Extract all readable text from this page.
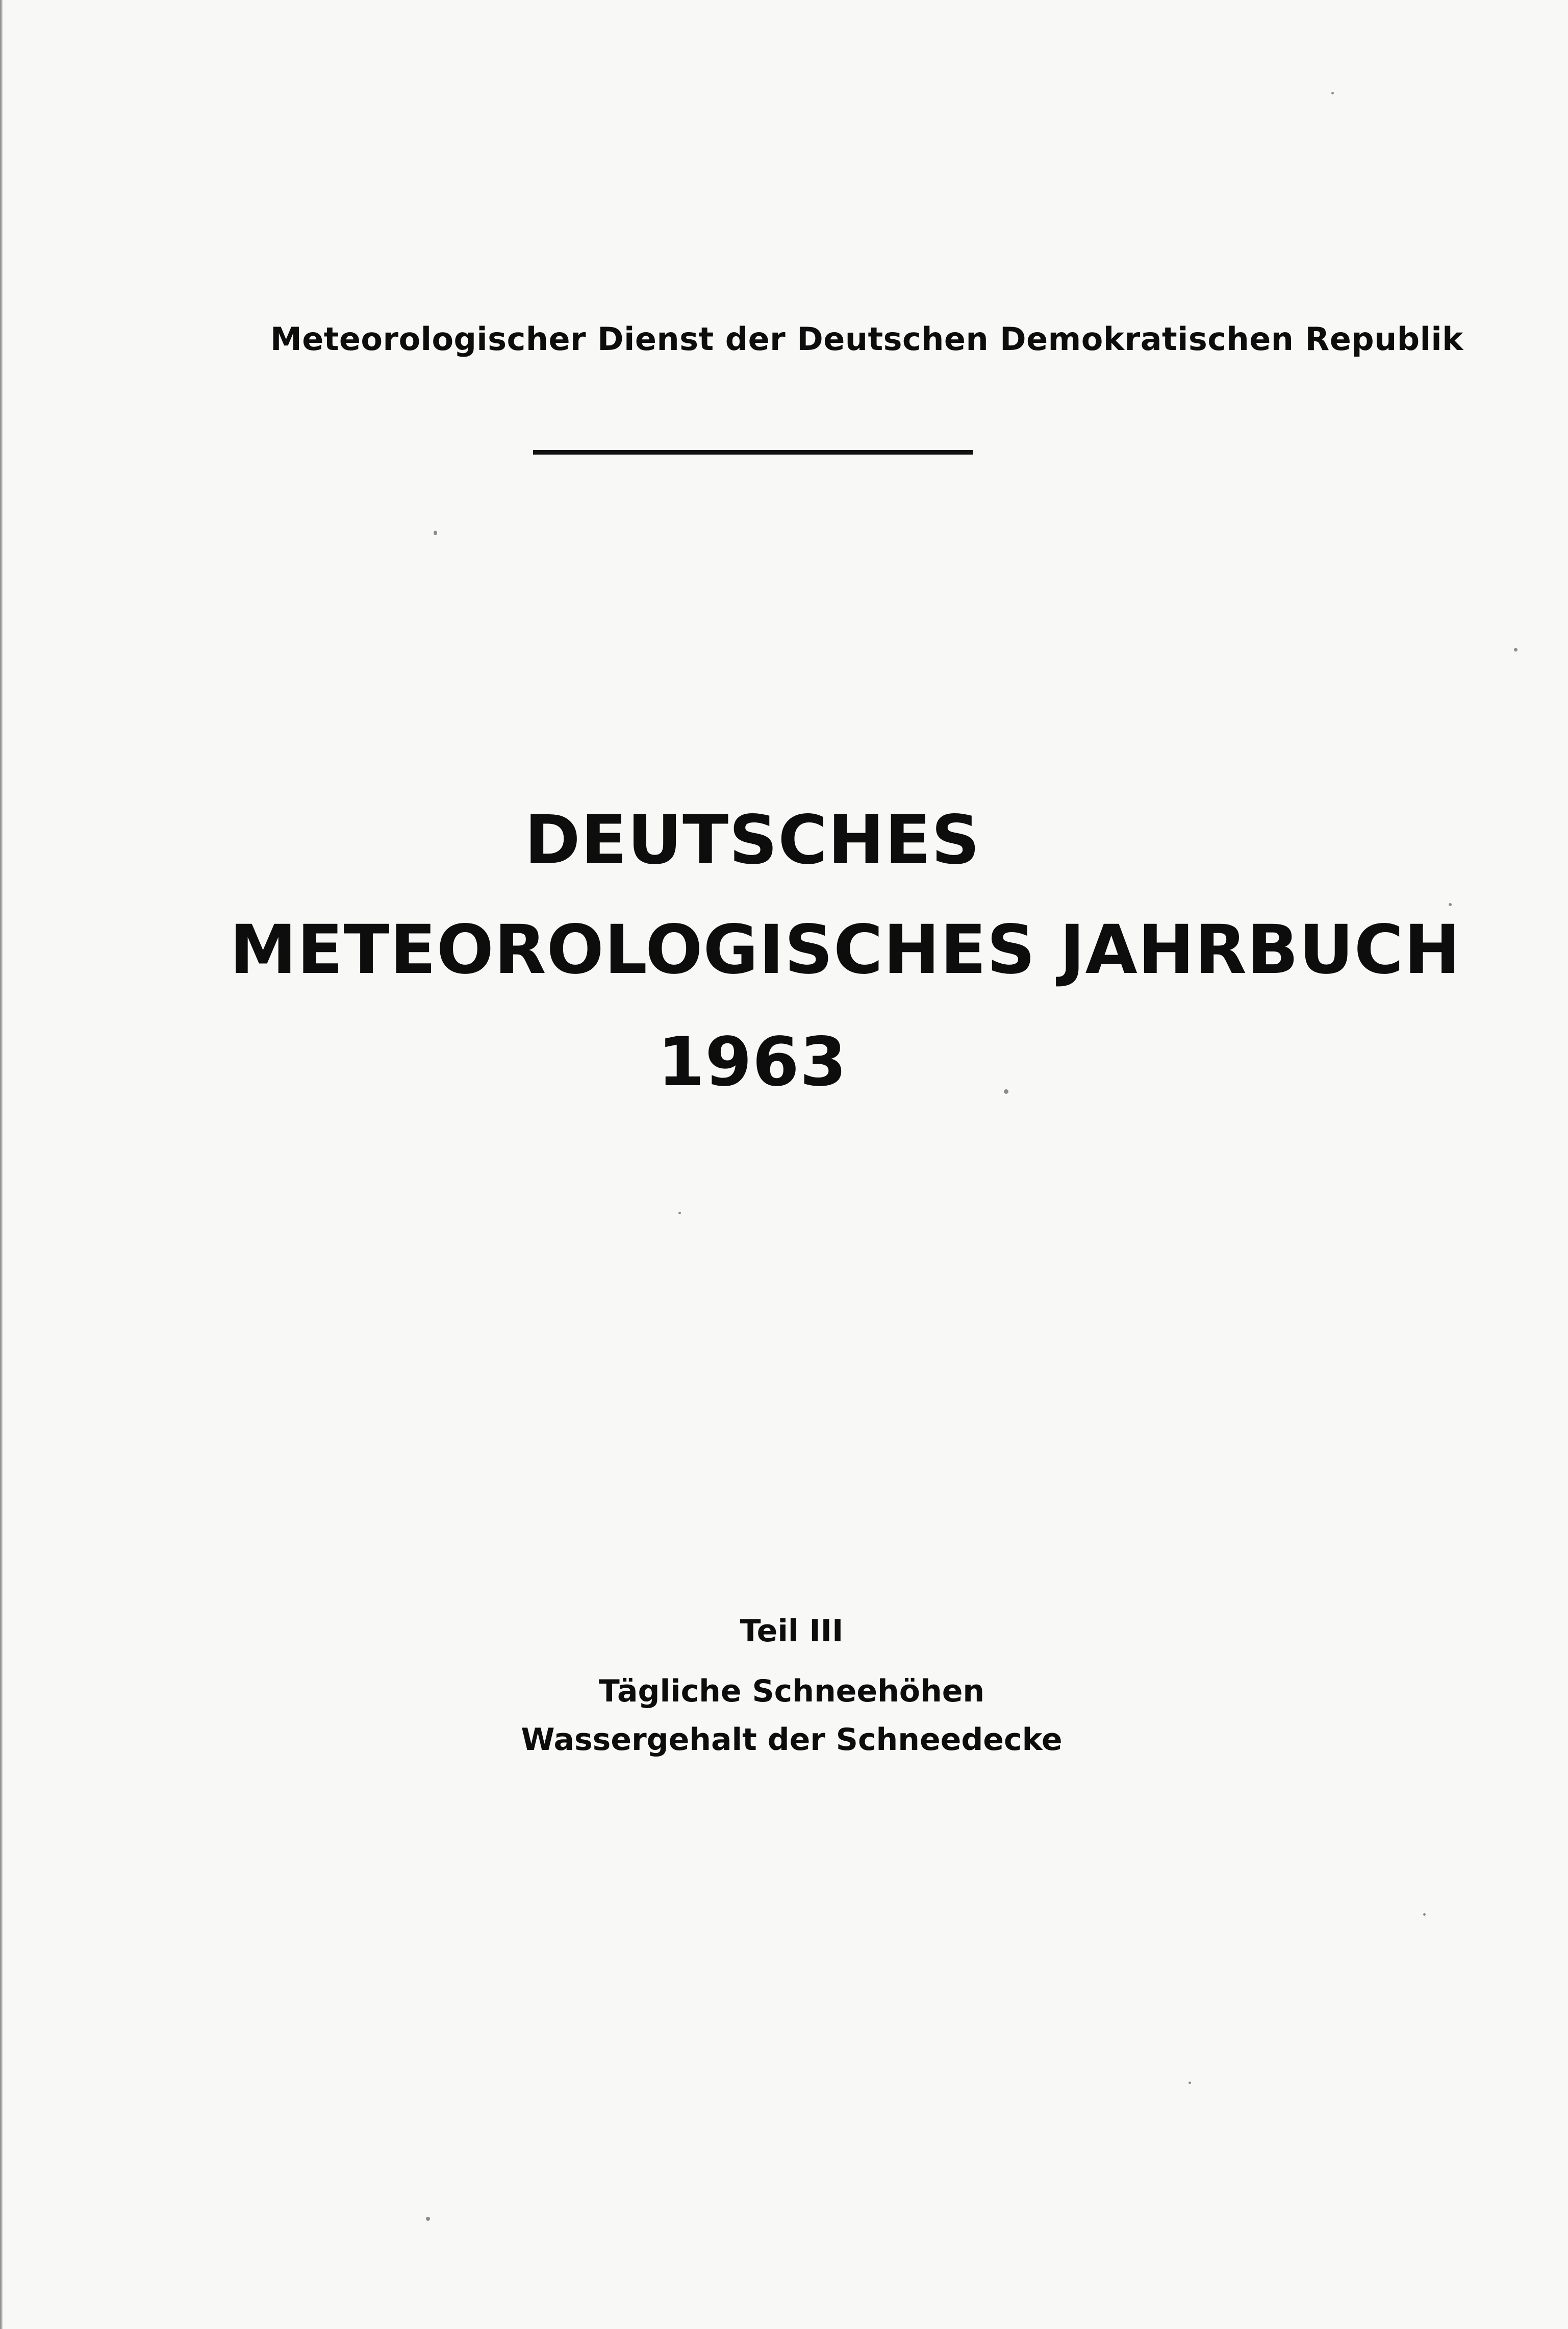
Meteorologischer Dienst der Deutschen Demokratischen Republik
DEUTSCHES
METEOROLOGISCHES JAHRBUCH
1963
Teil III
Tägliche Schneehöhen
Wassergehalt der Schneedecke
